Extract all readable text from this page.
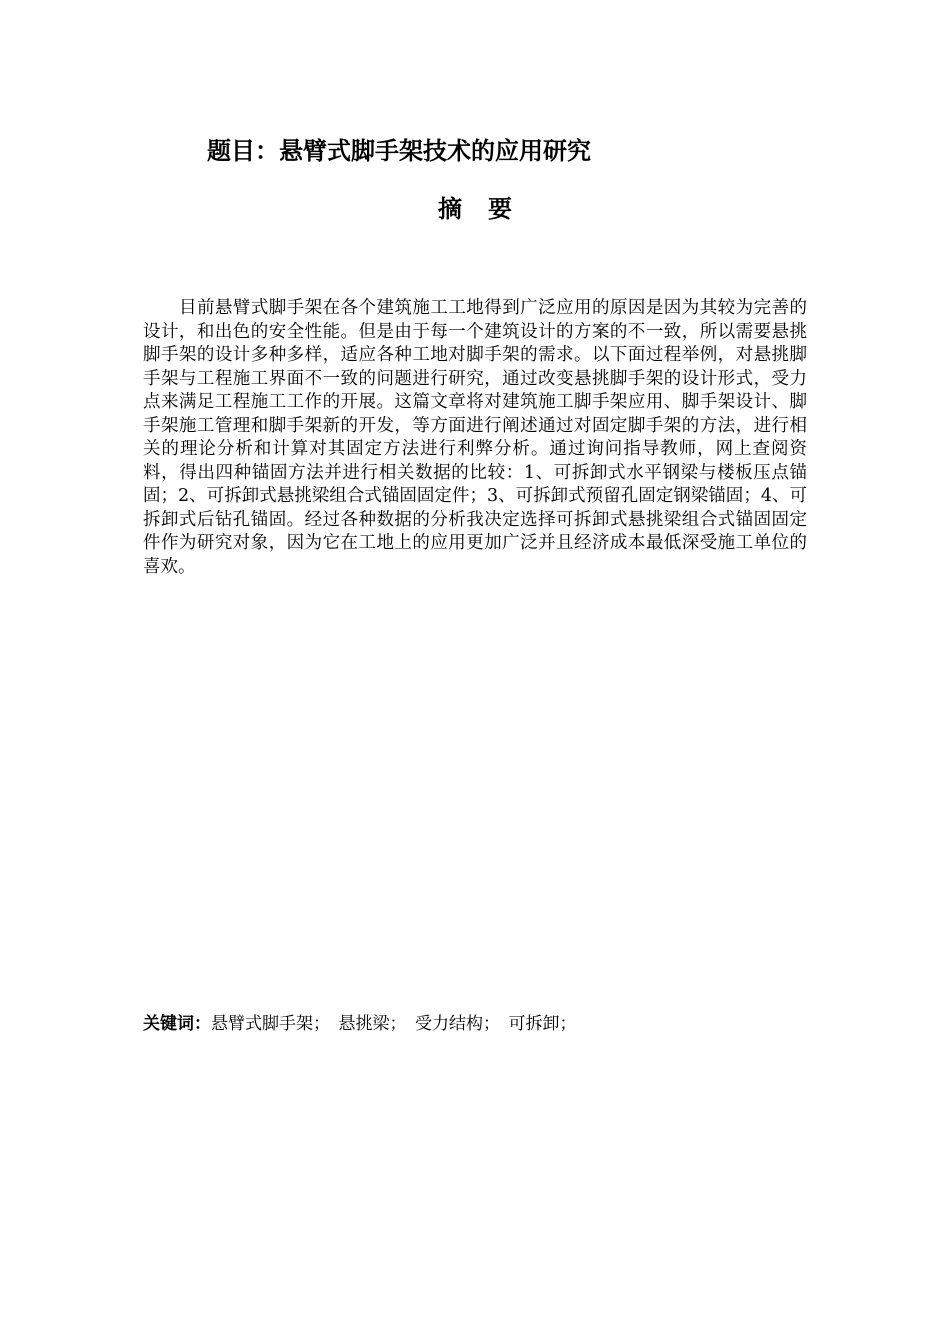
题目：悬臂式脚手架技术的应用研究
摘要

目前悬臂式脚手架在各个建筑施工工地得到广泛应用的原因是因为其较为完善的设计，和出色的安全性能。但是由于每一个建筑设计的方案的不一致，所以需要悬挑脚手架的设计多种多样，适应各种工地对脚手架的需求。以下面过程举例，对悬挑脚手架与工程施工界面不一致的问题进行研究，通过改变悬挑脚手架的设计形式，受力点来满足工程施工工作的开展。这篇文章将对建筑施工脚手架应用、脚手架设计、脚手架施工管理和脚手架新的开发，等方面进行阐述通过对固定脚手架的方法，进行相关的理论分析和计算对其固定方法进行利弊分析。通过询问指导教师，网上查阅资料，得出四种锚固方法并进行相关数据的比较：1、可拆卸式水平钢梁与楼板压点锚固；2、可拆卸式悬挑梁组合式锚固固定件；3、可拆卸式预留孔固定钢梁锚固；4、可拆卸式后钻孔锚固。经过各种数据的分析我决定选择可拆卸式悬挑梁组合式锚固固定件作为研究对象，因为它在工地上的应用更加广泛并且经济成本最低深受施工单位的喜欢。

关键词：悬臂式脚手架；　悬挑梁；　受力结构；　可拆卸；
